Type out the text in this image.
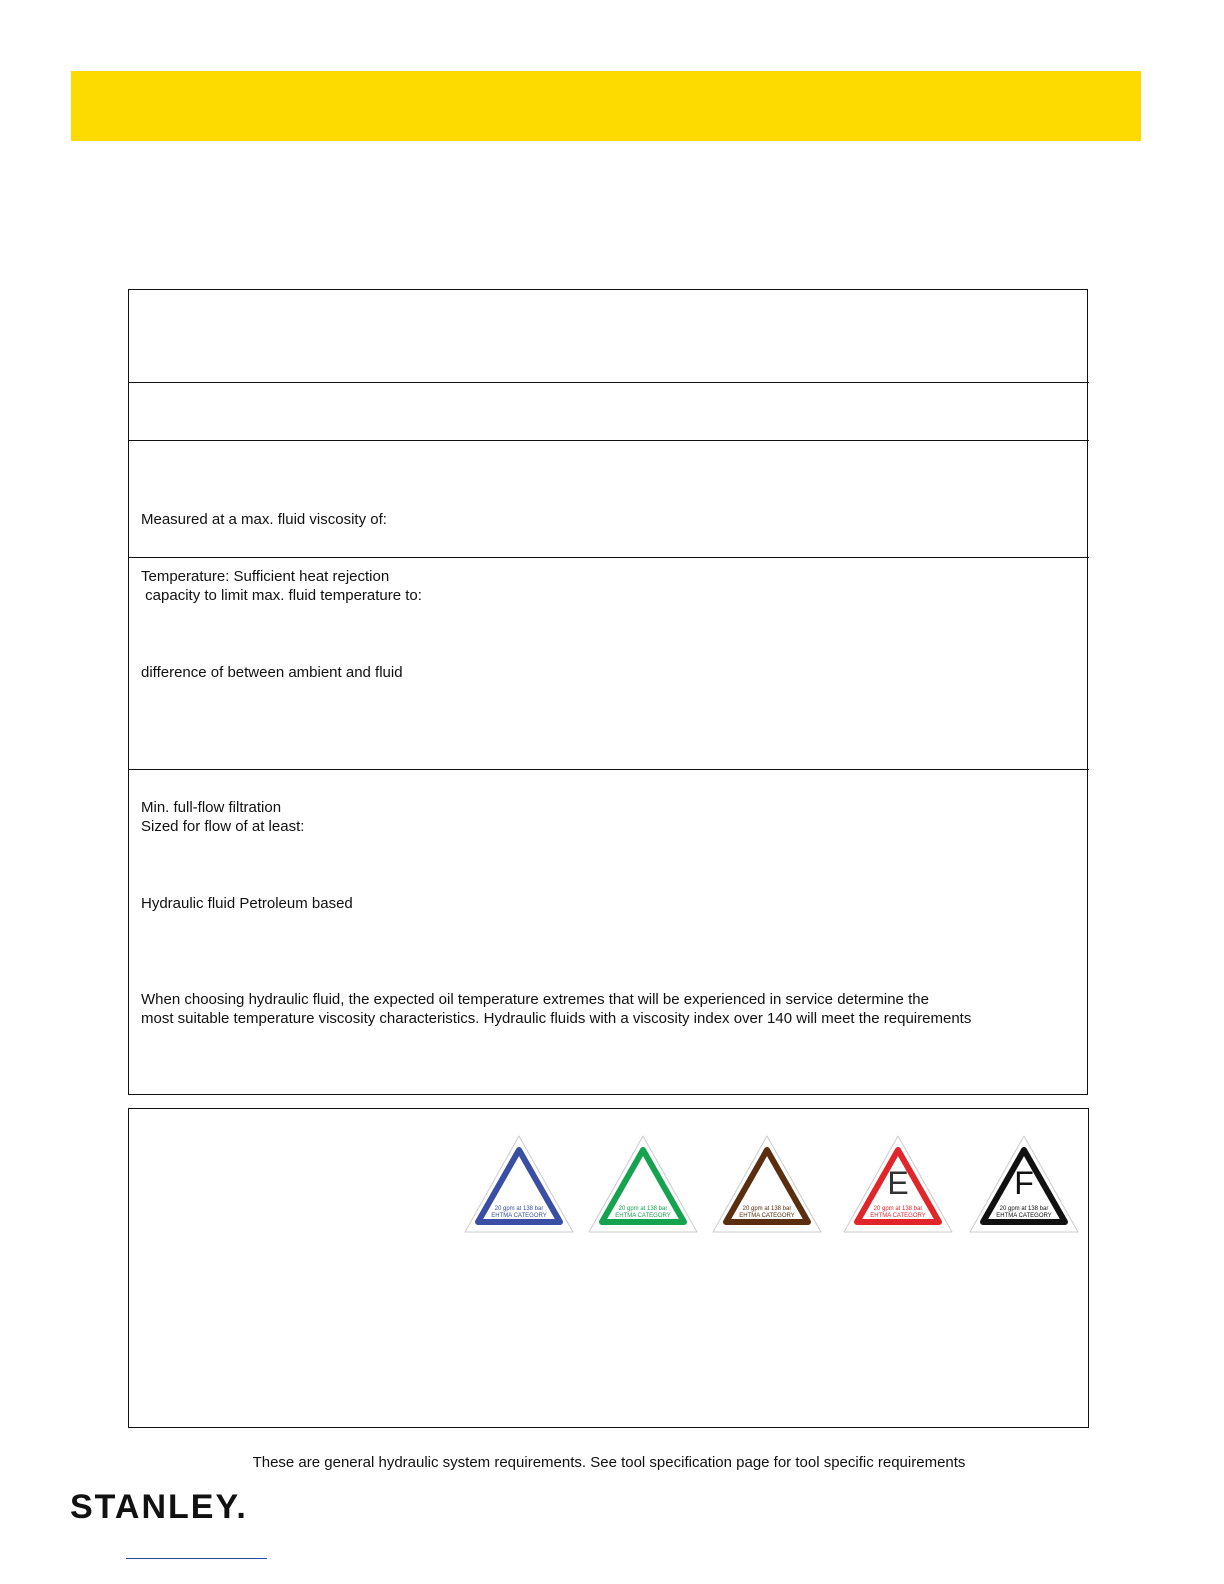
Measured at a max. fluid viscosity of:
Temperature: Sufficient heat rejection
capacity to limit max. fluid temperature to:
difference of between ambient and fluid
Min. full-flow filtration
Sized for flow of at least:
Hydraulic fluid Petroleum based
When choosing hydraulic fluid, the expected oil temperature extremes that will be experienced in service determine the
most suitable temperature viscosity characteristics. Hydraulic fluids with a viscosity index over 140 will meet the requirements
20 gpm at 138 bar
EHTMA CATEGORY
20 gpm at 138 bar
EHTMA CATEGORY
20 gpm at 138 bar
EHTMA CATEGORY
E
20 gpm at 138 bar
EHTMA CATEGORY
F
20 gpm at 138 bar
EHTMA CATEGORY
These are general hydraulic system requirements. See tool specification page for tool specific requirements
STANLEY.
